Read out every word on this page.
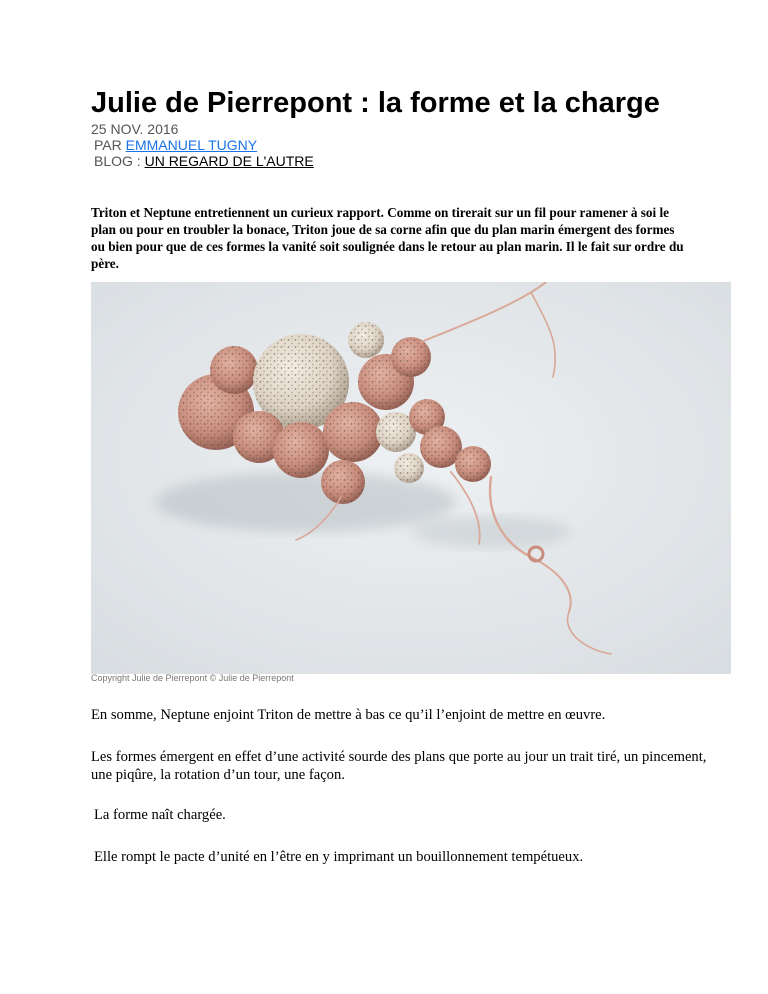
Julie de Pierrepont : la forme et la charge
25 NOV. 2016
PAR EMMANUEL TUGNY
BLOG : UN REGARD DE L'AUTRE

Triton et Neptune entretiennent un curieux rapport. Comme on tirerait sur un fil pour ramener à soi le plan ou pour en troubler la bonace, Triton joue de sa corne afin que du plan marin émergent des formes ou bien pour que de ces formes la vanité soit soulignée dans le retour au plan marin. Il le fait sur ordre du père.

Copyright Julie de Pierrepont © Julie de Pierrepont

En somme, Neptune enjoint Triton de mettre à bas ce qu’il l’enjoint de mettre en œuvre.

Les formes émergent en effet d’une activité sourde des plans que porte au jour un trait tiré, un pincement, une piqûre, la rotation d’un tour, une façon.

La forme naît chargée.

Elle rompt le pacte d’unité en l’être en y imprimant un bouillonnement tempétueux.
